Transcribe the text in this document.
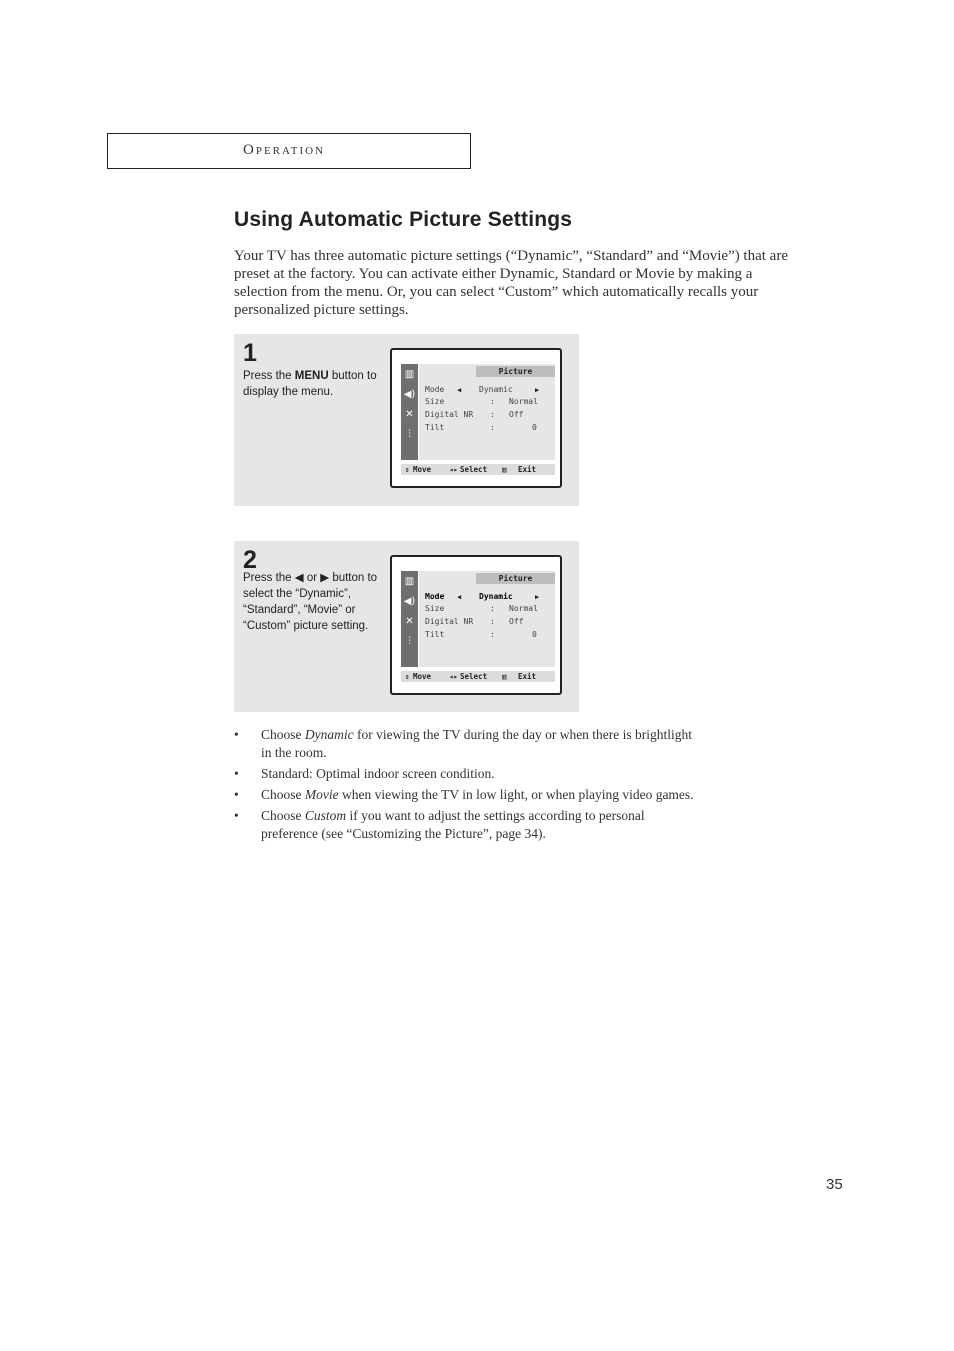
Operation
Using Automatic Picture Settings

Your TV has three automatic picture settings (“Dynamic”, “Standard” and “Movie”) that are preset at the factory. You can activate either Dynamic, Standard or Movie by making a selection from the menu. Or, you can select “Custom” which automatically recalls your personalized picture settings.

1
Press the MENU button to display the menu.
▥
◀)
✕
⫶
Picture
Mode ◀ Dynamic	▶
Size	: Normal
Digital NR : Off
Tilt	:	0
⇕ Move ◂▸ Select ▥ Exit
2
Press the ◀ or ▶ button to select the “Dynamic”, “Standard”, “Movie” or “Custom” picture setting.
▥
◀)
✕
⫶
Picture
Mode ◀ Dynamic	▶
Size	: Normal
Digital NR : Off
Tilt	:	0
⇕ Move ◂▸ Select ▥ Exit
• Choose Dynamic for viewing the TV during the day or when there is brightlight in the room.
• Standard: Optimal indoor screen condition.
• Choose Movie when viewing the TV in low light, or when playing video games.
• Choose Custom if you want to adjust the settings according to personal preference (see “Customizing the Picture”, page 34).
35
